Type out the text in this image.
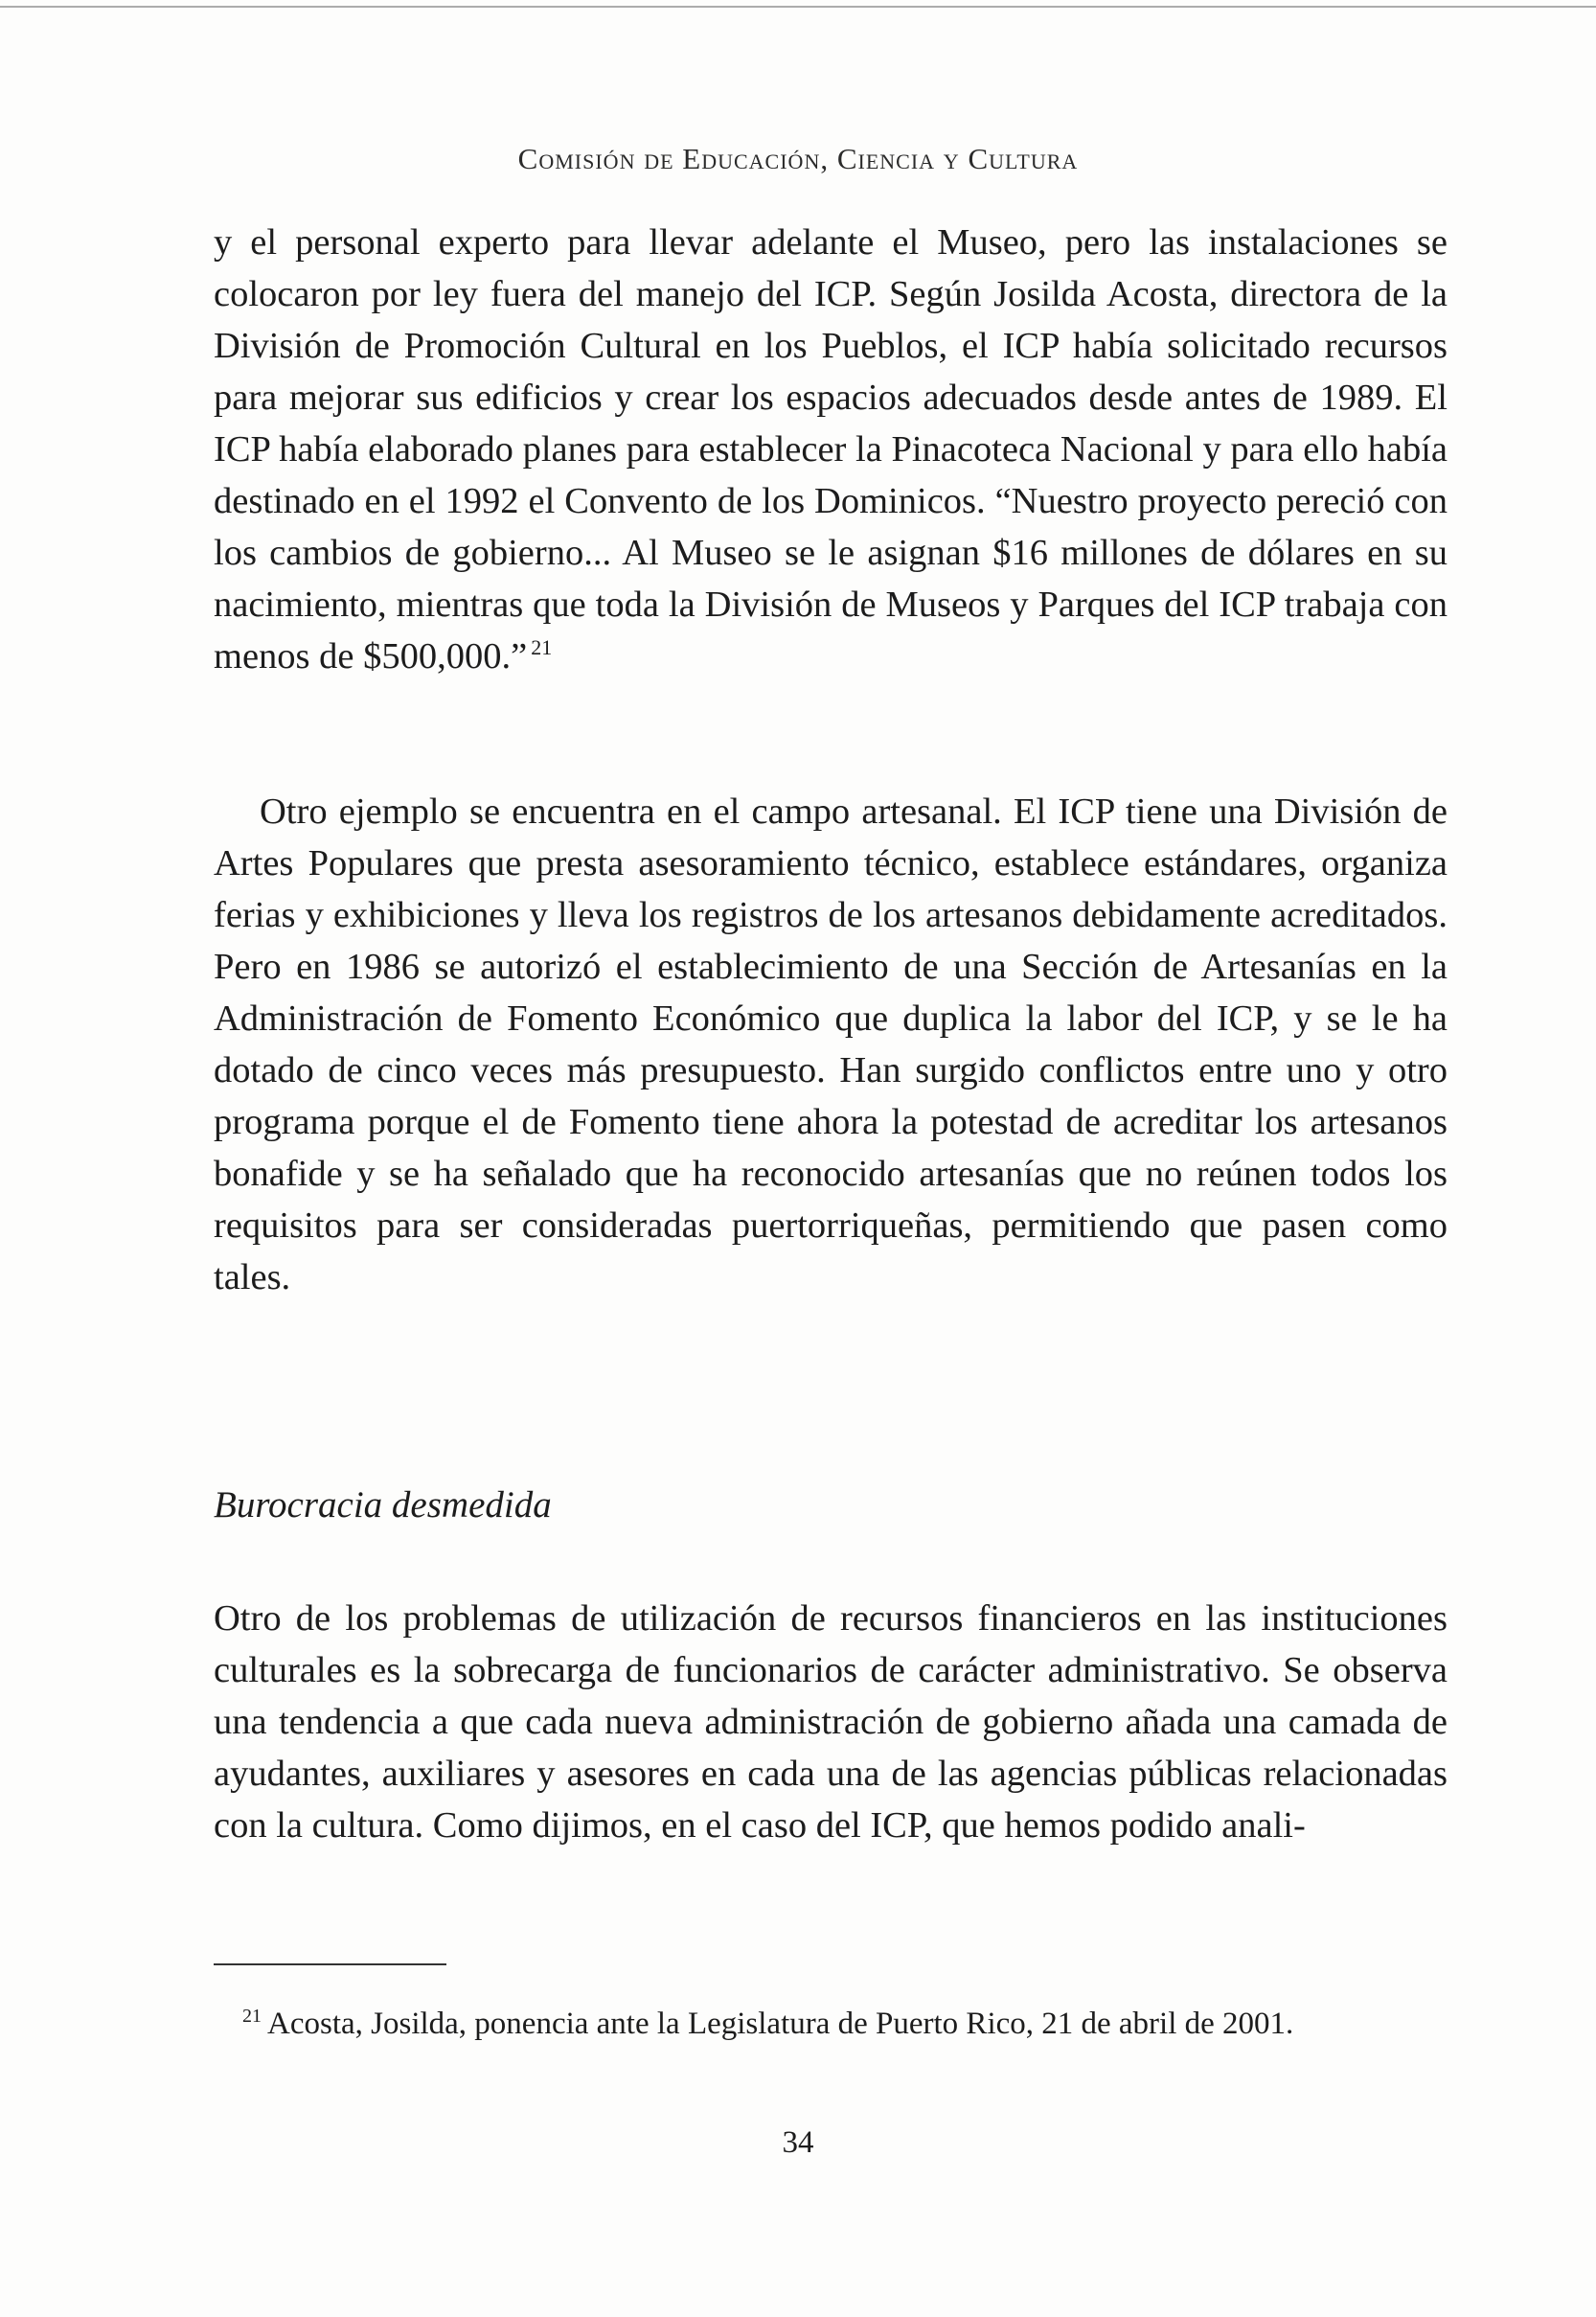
Comisión de Educación, Ciencia y Cultura

y el personal experto para llevar adelante el Museo, pero las instalaciones se colocaron por ley fuera del manejo del ICP. Según Josilda Acosta, directora de la División de Promoción Cultural en los Pueblos, el ICP había solicitado recursos para mejorar sus edificios y crear los espacios adecuados desde antes de 1989. El ICP había elaborado planes para establecer la Pinacoteca Nacional y para ello había destinado en el 1992 el Convento de los Dominicos. “Nuestro proyecto pereció con los cambios de gobierno... Al Museo se le asignan $16 millones de dólares en su nacimiento, mientras que toda la División de Museos y Parques del ICP trabaja con menos de $500,000.” $^{21}$

Otro ejemplo se encuentra en el campo artesanal. El ICP tiene una División de Artes Populares que presta asesoramiento técnico, establece estándares, organiza ferias y exhibiciones y lleva los registros de los artesanos debidamente acreditados. Pero en 1986 se autorizó el establecimiento de una Sección de Artesanías en la Administración de Fomento Económico que duplica la labor del ICP, y se le ha dotado de cinco veces más presupuesto. Han surgido conflictos entre uno y otro programa porque el de Fomento tiene ahora la potestad de acreditar los artesanos bonafide y se ha señalado que ha reconocido artesanías que no reúnen todos los requisitos para ser consideradas puertorriqueñas, permitiendo que pasen como tales.

Burocracia desmedida

Otro de los problemas de utilización de recursos financieros en las instituciones culturales es la sobrecarga de funcionarios de carácter administrativo. Se observa una tendencia a que cada nueva administración de gobierno añada una camada de ayudantes, auxiliares y asesores en cada una de las agencias públicas relacionadas con la cultura. Como dijimos, en el caso del ICP, que hemos podido anali-

$^{21}$ Acosta, Josilda, ponencia ante la Legislatura de Puerto Rico, 21 de abril de 2001.

34
